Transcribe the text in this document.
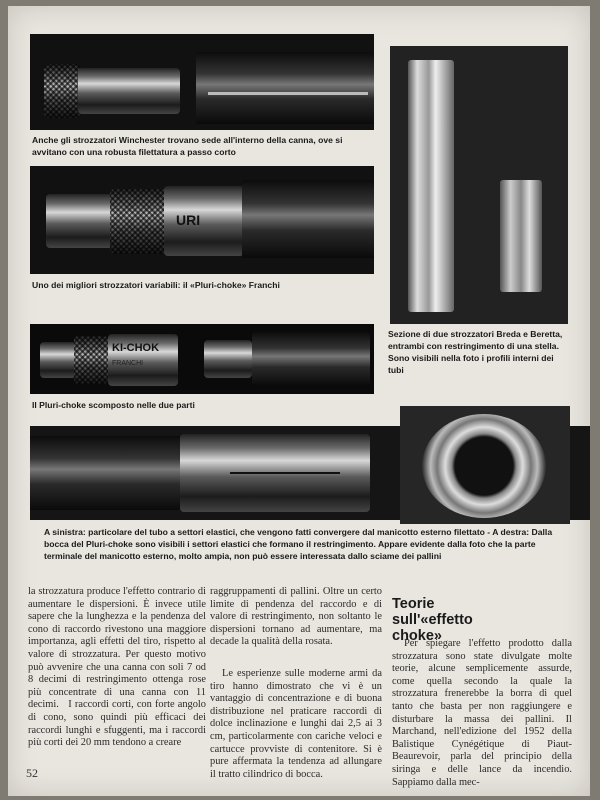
Anche gli strozzatori Winchester trovano sede all'interno della canna, ove si avvitano con una robusta filettatura a passo corto
URI
Uno dei migliori strozzatori variabili: il «Pluri-choke» Franchi
Sezione di due strozzatori Breda e Beretta, entrambi con restringimento di una stella. Sono visibili nella foto i profili interni dei tubi
KI-CHOK
FRANCHI
Il Pluri-choke scomposto nelle due parti
A sinistra: particolare del tubo a settori elastici, che vengono fatti convergere dal manicotto esterno filettato - A destra: Dalla bocca del Pluri-choke sono visibili i settori elastici che formano il restringimento. Appare evidente dalla foto che la parte terminale del manicotto esterno, molto ampia, non può essere interessata dallo sciame dei pallini
la strozzatura produce l'effetto contrario di aumentare le dispersioni. È invece utile sapere che la lunghezza e la pendenza del cono di raccordo rivestono una maggiore importanza, agli effetti del tiro, rispetto al valore di strozzatura. Per questo motivo può avvenire che una canna con soli 7 od 8 decimi di restringimento ottenga rose più concentrate di una canna con 11 decimi.   I raccordi corti, con forte angolo di cono, sono quindi più efficaci dei raccordi lunghi e sfuggenti, ma i raccordi più corti dei 20 mm tendono a creare
raggruppamenti di pallini. Oltre un certo limite di pendenza del raccordo e di valore di restringimento, non soltanto le dispersioni tornano ad aumentare, ma decade la qualità della rosata.
Le esperienze sulle moderne armi da tiro hanno dimostrato che vi è un vantaggio di concentrazione e di buona distribuzione nel praticare raccordi di dolce inclinazione e lunghi dai 2,5 ai 3 cm, particolarmente con cariche veloci e cartucce provviste di contenitore. Si è pure affermata la tendenza ad allungare il tratto cilindrico di bocca.
Teorie sull'«effetto choke»
Per spiegare l'effetto prodotto dalla strozzatura sono state divulgate molte teorie, alcune semplicemente assurde, come quella secondo la quale la strozzatura frenerebbe la borra di quel tanto che basta per non raggiungere e disturbare la massa dei pallini. Il Marchand, nell'edizione del 1952 della Balistique Cynégétique di Piaut-Beaurevoir, parla del principio della siringa e delle lance da incendio. Sappiamo dalla mec-
52
